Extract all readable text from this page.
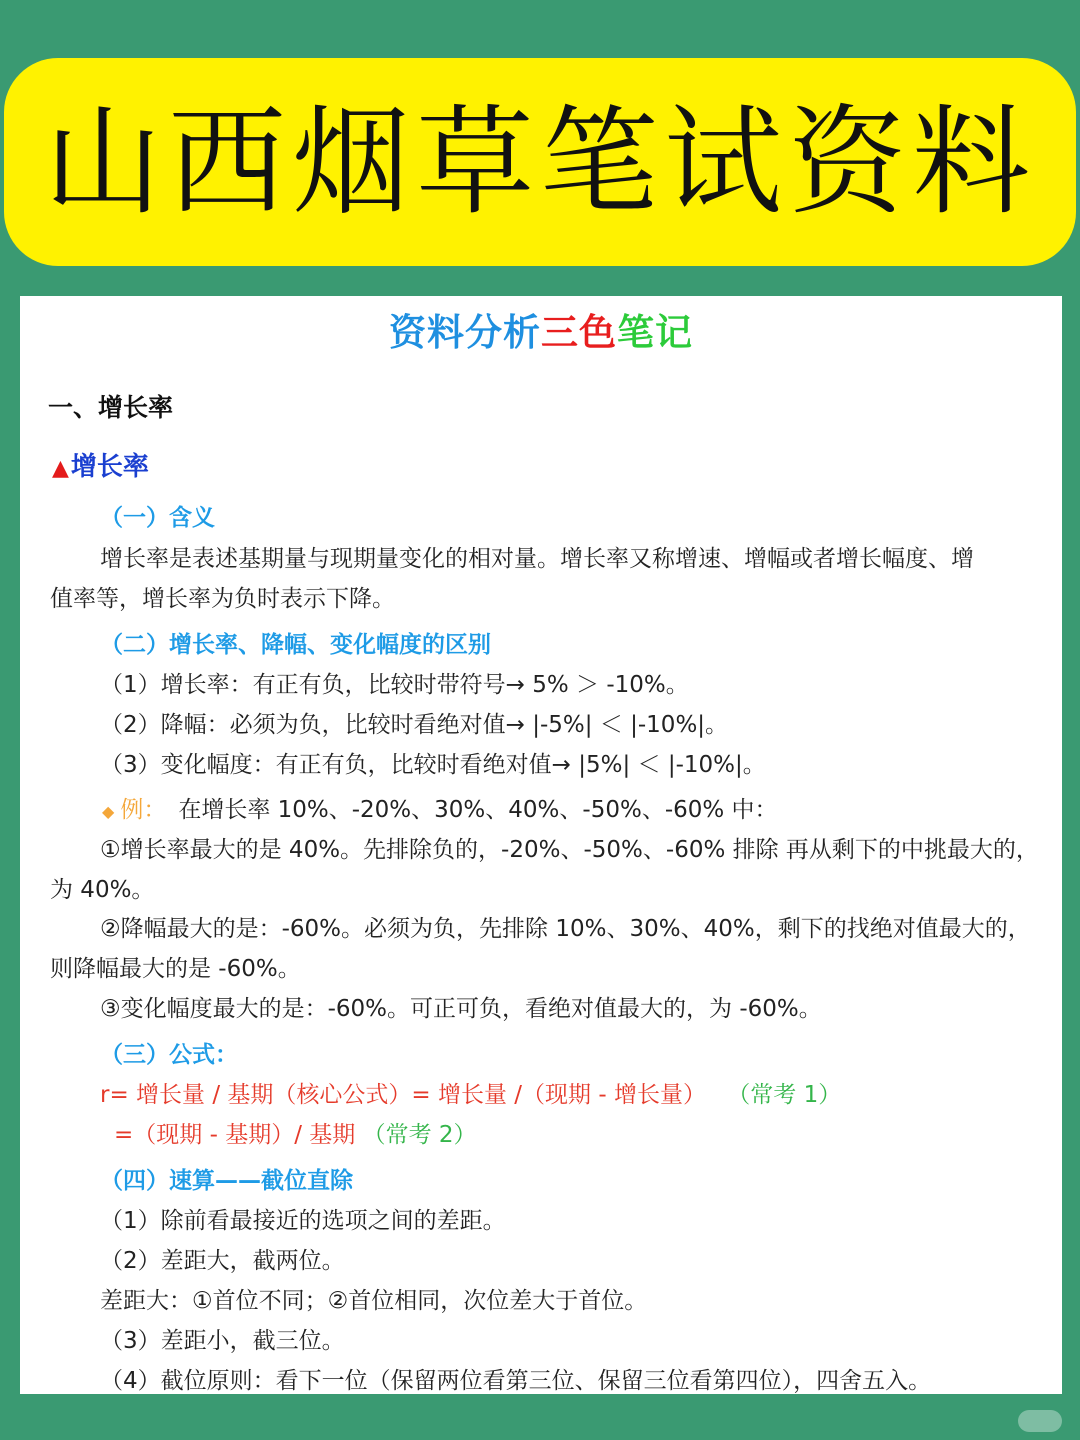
山西烟草笔试资料
资料分析三色笔记
一、增长率
▲增长率
（一）含义
增长率是表述基期量与现期量变化的相对量。增长率又称增速、增幅或者增长幅度、增
值率等，增长率为负时表示下降。
（二）增长率、降幅、变化幅度的区别
（1）增长率：有正有负，比较时带符号→ 5% ＞ -10%。
（2）降幅：必须为负，比较时看绝对值→ |-5%| ＜ |-10%|。
（3）变化幅度：有正有负，比较时看绝对值→ |5%| ＜ |-10%|。
◆ 例： 在增长率 10%、-20%、30%、40%、-50%、-60% 中：
①增长率最大的是 40%。先排除负的，-20%、-50%、-60% 排除 再从剩下的中挑最大的，
为 40%。
②降幅最大的是：-60%。必须为负，先排除 10%、30%、40%，剩下的找绝对值最大的，
则降幅最大的是 -60%。
③变化幅度最大的是：-60%。可正可负，看绝对值最大的，为 -60%。
（三）公式：
r= 增长量 / 基期（核心公式）= 增长量 /（现期 - 增长量） （常考 1）
=（现期 - 基期）/ 基期 （常考 2）
（四）速算——截位直除
（1）除前看最接近的选项之间的差距。
（2）差距大，截两位。
差距大：①首位不同；②首位相同，次位差大于首位。
（3）差距小，截三位。
（4）截位原则：看下一位（保留两位看第三位、保留三位看第四位），四舍五入。
